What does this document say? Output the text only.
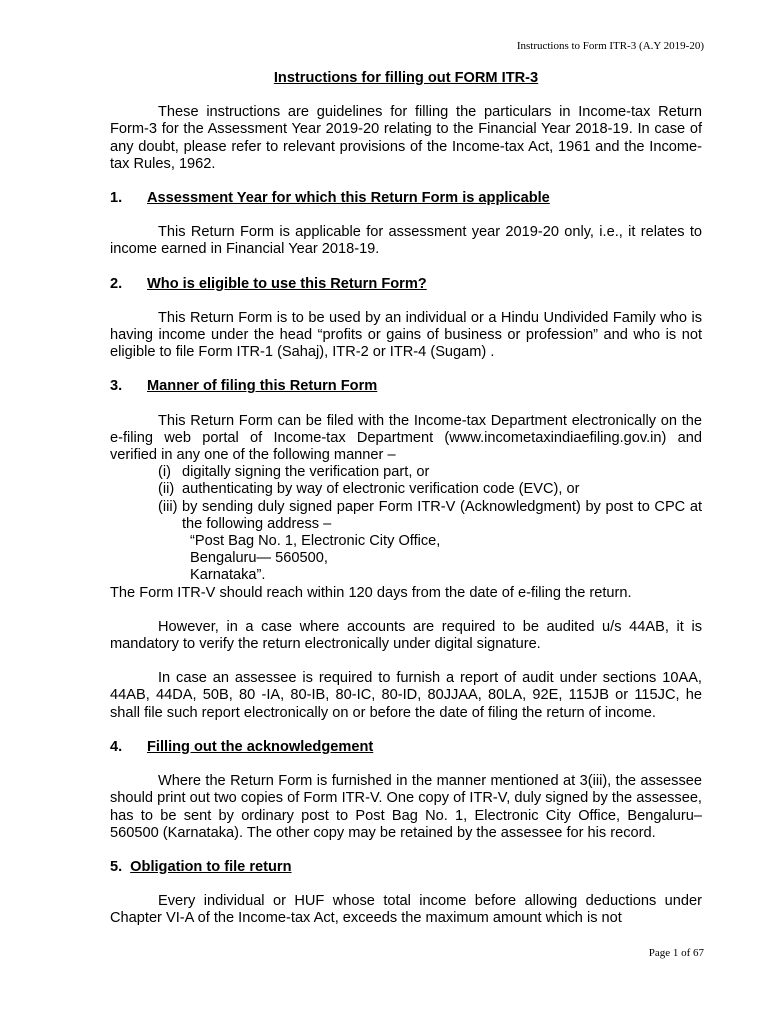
Instructions to Form ITR-3 (A.Y 2019-20)
Instructions for filling out FORM ITR-3

These instructions are guidelines for filling the particulars in Income-tax Return Form-3 for the Assessment Year 2019-20 relating to the Financial Year 2018-19. In case of any doubt, please refer to relevant provisions of the Income-tax Act, 1961 and the Income-tax Rules, 1962.

1.	Assessment Year for which this Return Form is applicable

This Return Form is applicable for assessment year 2019-20 only, i.e., it relates to income earned in Financial Year 2018-19.

2.	Who is eligible to use this Return Form?

This Return Form is to be used by an individual or a Hindu Undivided Family who is having income under the head “profits or gains of business or profession” and who is not eligible to file Form ITR-1 (Sahaj), ITR-2 or ITR-4 (Sugam) .

3.	Manner of filing this Return Form

This Return Form can be filed with the Income-tax Department electronically on the e-filing web portal of Income-tax Department (www.incometaxindiaefiling.gov.in) and verified in any one of the following manner –

(i) digitally signing the verification part, or
(ii) authenticating by way of electronic verification code (EVC), or
(iii) by sending duly signed paper Form ITR-V (Acknowledgment) by post to CPC at the following address –
“Post Bag No. 1, Electronic City Office,
Bengaluru— 560500,
Karnataka”.

The Form ITR-V should reach within 120 days from the date of e-filing the return.

However, in a case where accounts are required to be audited u/s 44AB, it is mandatory to verify the return electronically under digital signature.

In case an assessee is required to furnish a report of audit under sections 10AA, 44AB, 44DA, 50B, 80 -IA, 80-IB, 80-IC, 80-ID, 80JJAA, 80LA, 92E, 115JB or 115JC, he shall file such report electronically on or before the date of filing the return of income.

4.	Filling out the acknowledgement

Where the Return Form is furnished in the manner mentioned at 3(iii), the assessee should print out two copies of Form ITR-V. One copy of ITR-V, duly signed by the assessee, has to be sent by ordinary post to Post Bag No. 1, Electronic City Office, Bengaluru–560500 (Karnataka). The other copy may be retained by the assessee for his record.

5. Obligation to file return

Every individual or HUF whose total income before allowing deductions under Chapter VI-A of the Income-tax Act, exceeds the maximum amount which is not

Page 1 of 67
